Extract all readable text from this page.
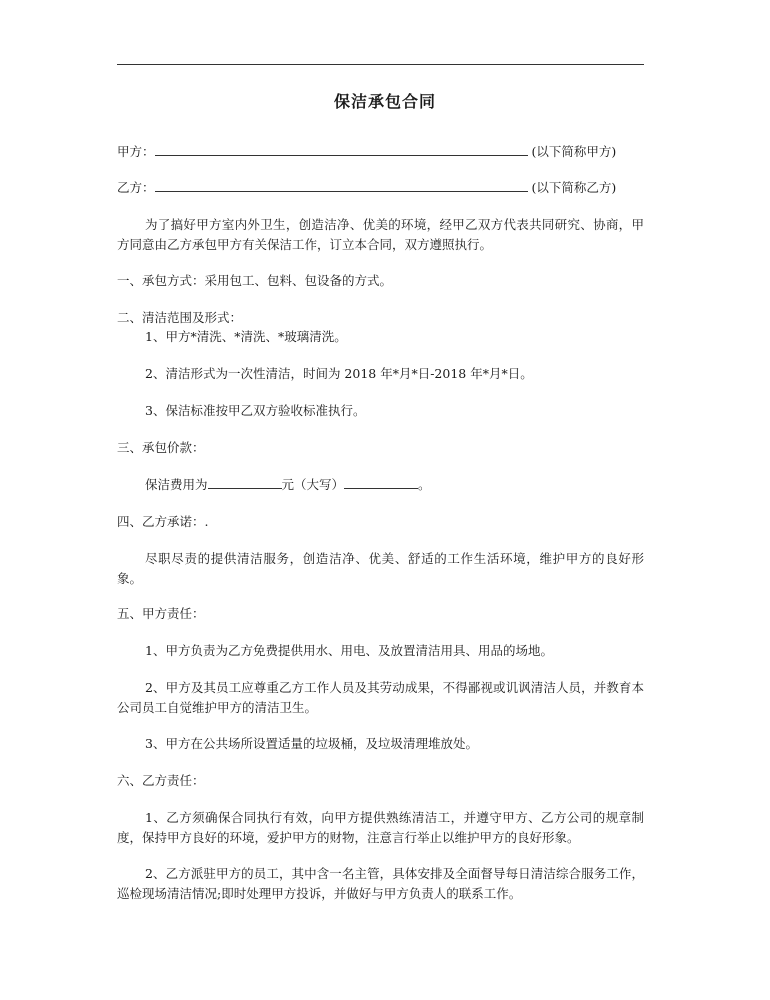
保洁承包合同
甲方：	(以下简称甲方)
乙方：	(以下简称乙方)
为了搞好甲方室内外卫生，创造洁净、优美的环境，经甲乙双方代表共同研究、协商，甲方同意由乙方承包甲方有关保洁工作，订立本合同，双方遵照执行。
一、承包方式：采用包工、包料、包设备的方式。
二、清洁范围及形式：
1、甲方*清洗、*清洗、*玻璃清洗。
2、清洁形式为一次性清洁，时间为 2018 年*月*日-2018 年*月*日。
3、保洁标准按甲乙双方验收标准执行。
三、承包价款：
保洁费用为	元（大写）	。
四、乙方承诺：.
尽职尽责的提供清洁服务，创造洁净、优美、舒适的工作生活环境，维护甲方的良好形象。
五、甲方责任：
1、甲方负责为乙方免费提供用水、用电、及放置清洁用具、用品的场地。
2、甲方及其员工应尊重乙方工作人员及其劳动成果，不得鄙视或讥讽清洁人员，并教育本公司员工自觉维护甲方的清洁卫生。
3、甲方在公共场所设置适量的垃圾桶，及垃圾清理堆放处。
六、乙方责任：
1、乙方须确保合同执行有效，向甲方提供熟练清洁工，并遵守甲方、乙方公司的规章制度，保持甲方良好的环境，爱护甲方的财物，注意言行举止以维护甲方的良好形象。
2、乙方派驻甲方的员工，其中含一名主管，具体安排及全面督导每日清洁综合服务工作，巡检现场清洁情况;即时处理甲方投诉，并做好与甲方负责人的联系工作。
